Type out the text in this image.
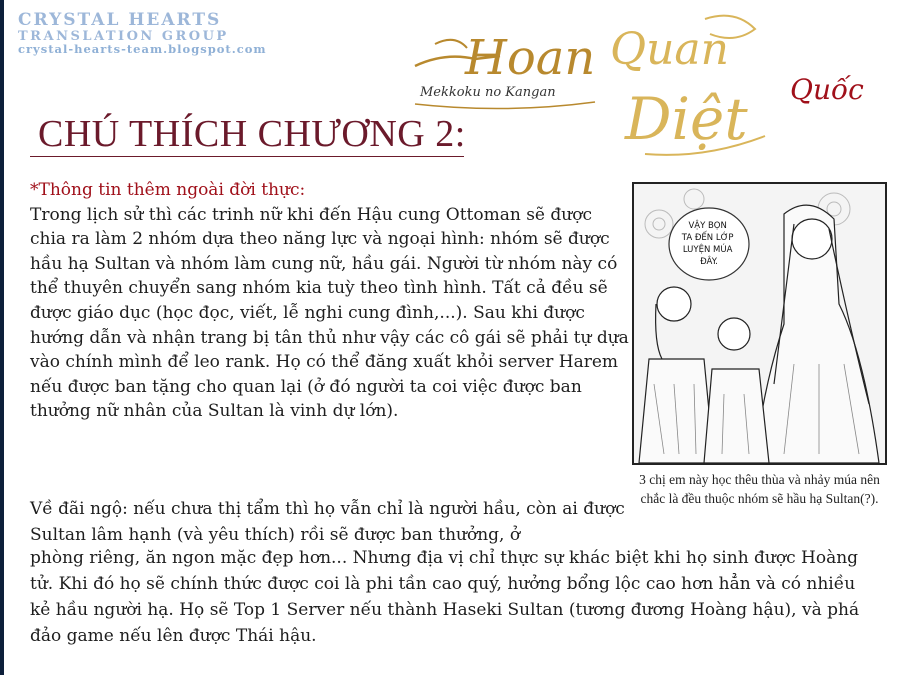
CRYSTAL HEARTS
TRANSLATION GROUP
crystal-hearts-team.blogspot.com	Hoan Quan
Diệt Quốc
Mekkoku no Kangan
CHÚ THÍCH CHƯƠNG 2:

*Thông tin thêm ngoài đời thực:

Trong lịch sử thì các trinh nữ khi đến Hậu cung Ottoman sẽ được chia ra làm 2 nhóm dựa theo năng lực và ngoại hình: nhóm sẽ được hầu hạ Sultan và nhóm làm cung nữ, hầu gái. Người từ nhóm này có thể thuyên chuyển sang nhóm kia tuỳ theo tình hình. Tất cả đều sẽ được giáo dục (học đọc, viết, lễ nghi cung đình,...). Sau khi được hướng dẫn và nhận trang bị tân thủ như vậy các cô gái sẽ phải tự dựa vào chính mình để leo rank. Họ có thể đăng xuất khỏi server Harem nếu được ban tặng cho quan lại (ở đó người ta coi việc được ban thưởng nữ nhân của Sultan là vinh dự lớn).

Về đãi ngộ: nếu chưa thị tẩm thì họ vẫn chỉ là người hầu, còn ai được Sultan lâm hạnh (và yêu thích) rồi sẽ được ban thưởng, ở
phòng riêng, ăn ngon mặc đẹp hơn... Nhưng địa vị chỉ thực sự khác biệt khi họ sinh được Hoàng tử. Khi đó họ sẽ chính thức được coi là phi tần cao quý, hưởng bổng lộc cao hơn hẳn và có nhiều kẻ hầu người hạ. Họ sẽ Top 1 Server nếu thành Haseki Sultan (tương đương Hoàng hậu), và phá đảo game nếu lên được Thái hậu.
VẬY BỌN TA ĐẾN LỚP LUYỆN MÚA ĐÂY.
3 chị em này học thêu thùa và nhảy múa nên chắc là đều thuộc nhóm sẽ hầu hạ Sultan(?).
